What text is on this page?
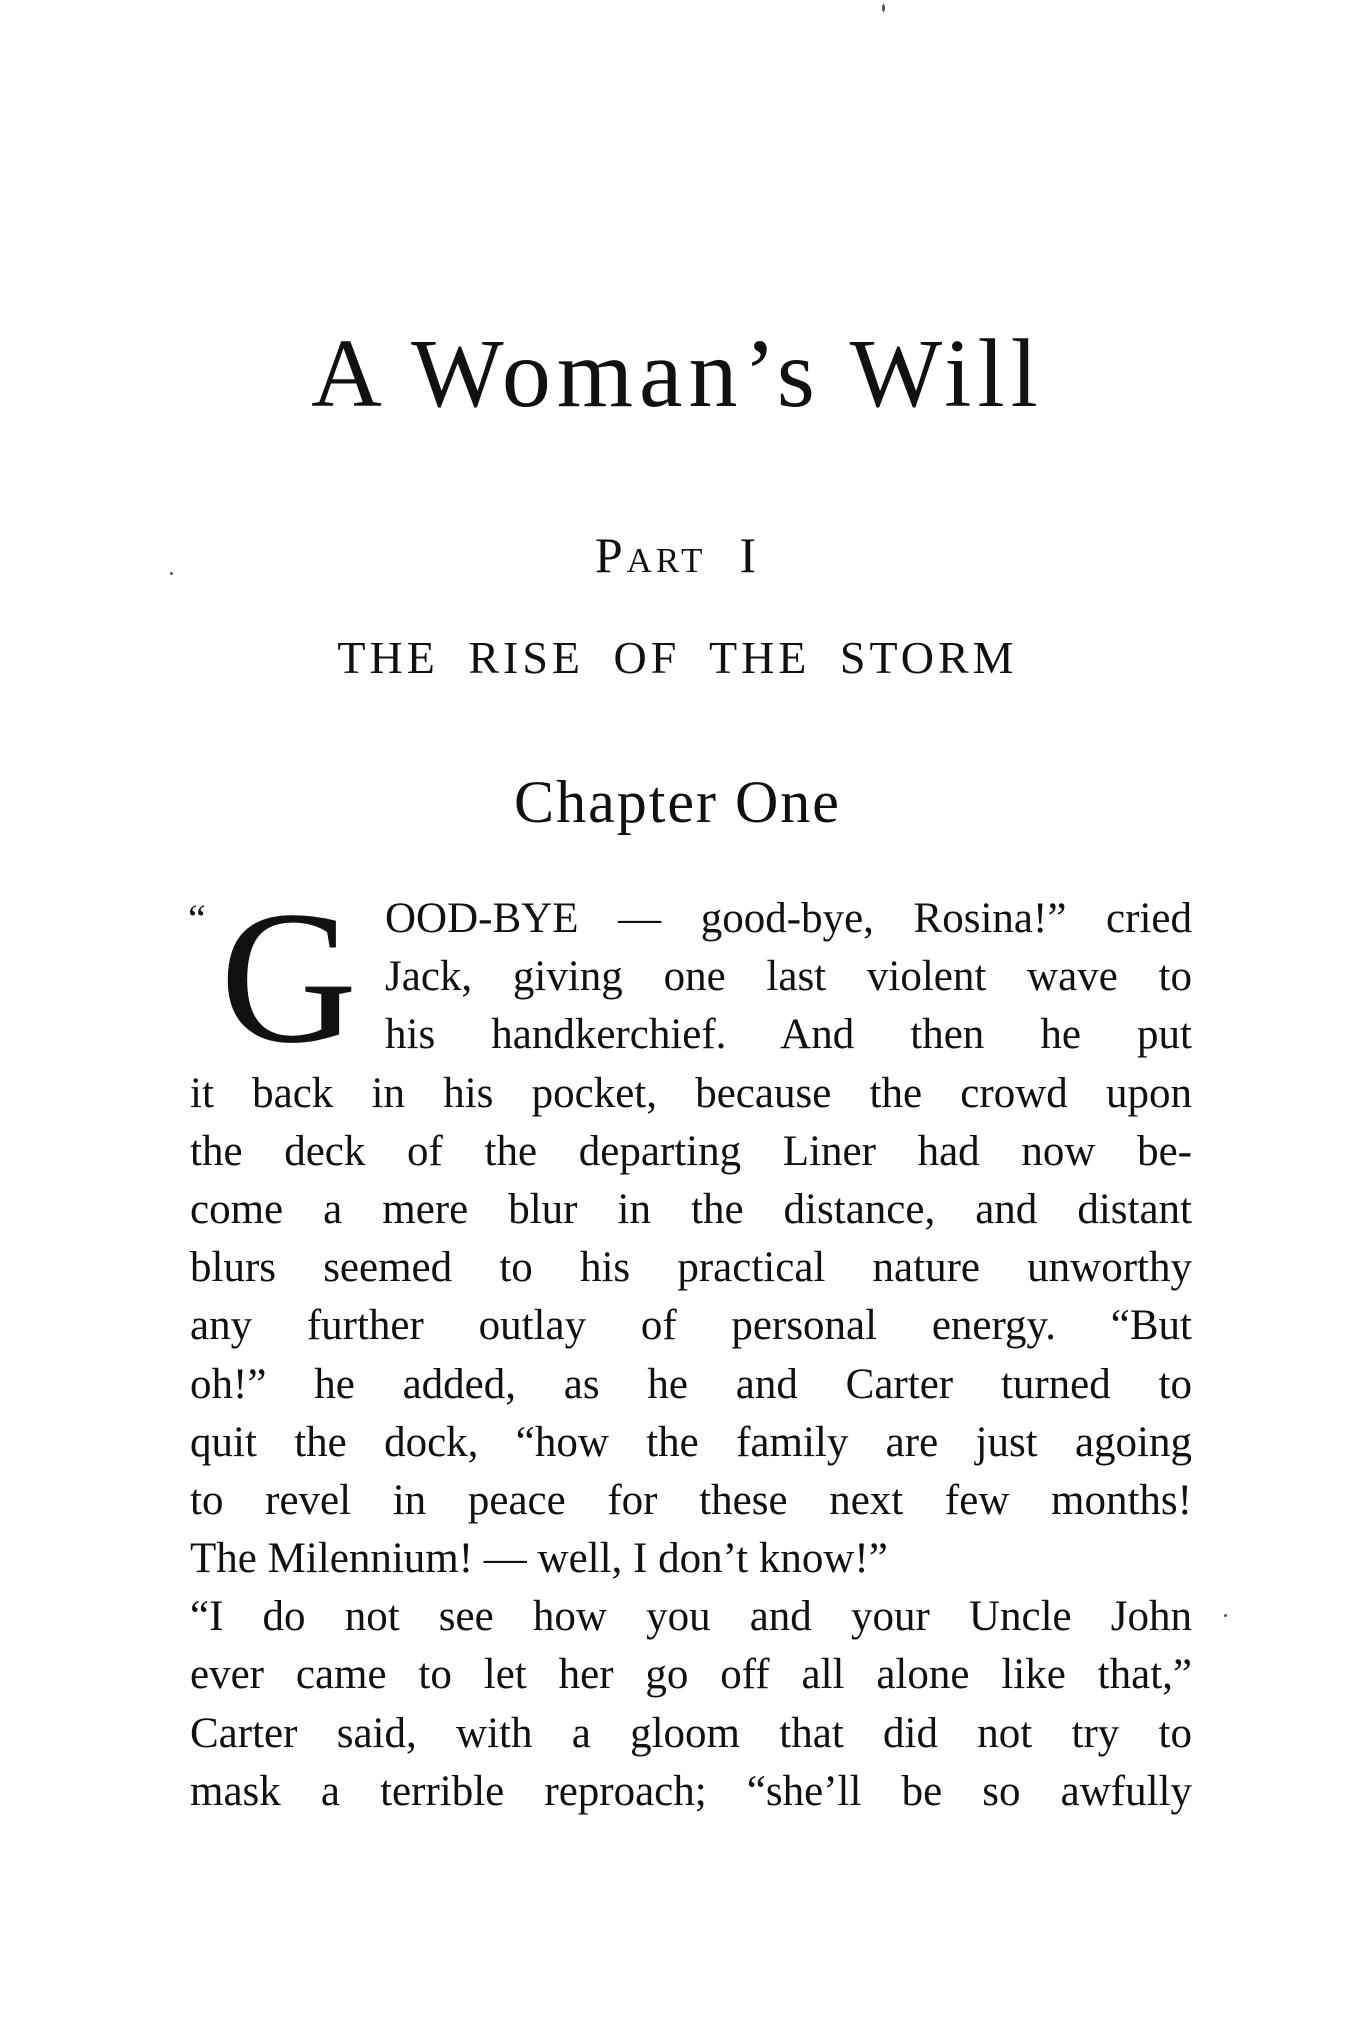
A Woman’s Will
Part I
THE RISE OF THE STORM
Chapter One
“ G OOD-BYE — good-bye, Rosina!” cried
Jack, giving one last violent wave to
his handkerchief. And then he put
it back in his pocket, because the crowd upon
the deck of the departing Liner had now be-
come a mere blur in the distance, and distant
blurs seemed to his practical nature unworthy
any further outlay of personal energy. “But
oh!” he added, as he and Carter turned to
quit the dock, “how the family are just agoing
to revel in peace for these next few months!
The Milennium! — well, I don’t know!”
“I do not see how you and your Uncle John
ever came to let her go off all alone like that,”
Carter said, with a gloom that did not try to
mask a terrible reproach; “she’ll be so awfully
